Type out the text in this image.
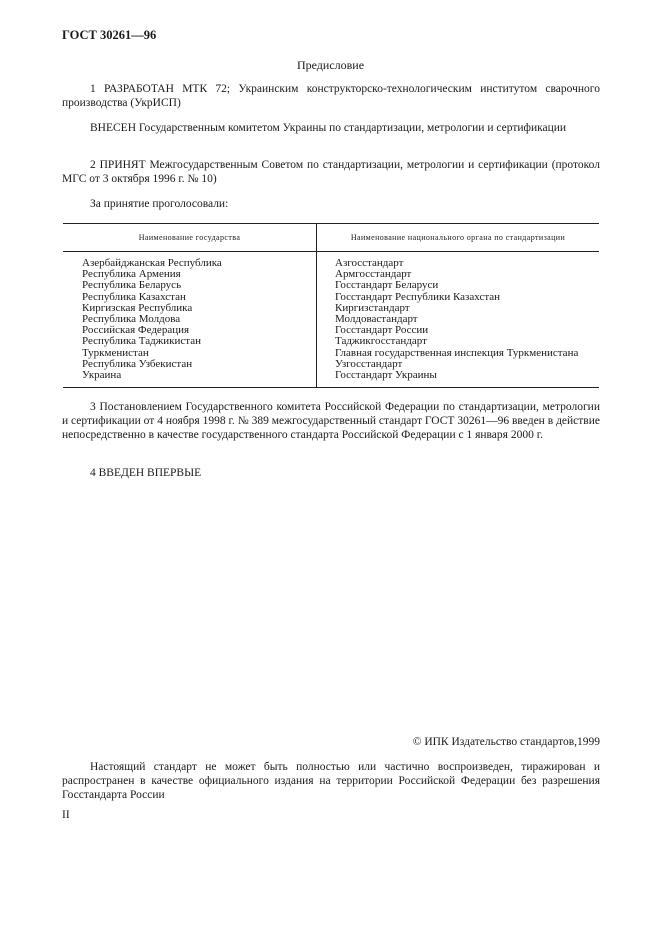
ГОСТ 30261—96
Предисловие
1 РАЗРАБОТАН МТК 72; Украинским конструкторско-технологическим институтом сварочного производства (УкрИСП)
ВНЕСЕН Государственным комитетом Украины по стандартизации, метрологии и сертификации
2 ПРИНЯТ Межгосударственным Советом по стандартизации, метрологии и сертификации (протокол МГС от 3 октября 1996 г. № 10)
За принятие проголосовали:
Наименование государства	Наименование национального органа по стандартизации
Азербайджанская Республика
Республика Армения
Республика Беларусь
Республика Казахстан
Киргизская Республика
Республика Молдова
Российская Федерация
Республика Таджикистан
Туркменистан
Республика Узбекистан
Украина
Азгосстандарт
Армгосстандарт
Госстандарт Беларуси
Госстандарт Республики Казахстан
Киргизстандарт
Молдовастандарт
Госстандарт России
Таджикгосстандарт
Главная государственная инспекция Туркменистана
Узгосстандарт
Госстандарт Украины
3 Постановлением Государственного комитета Российской Федерации по стандартизации, метрологии и сертификации от 4 ноября 1998 г. № 389 межгосударственный стандарт ГОСТ 30261—96 введен в действие непосредственно в качестве государственного стандарта Российской Федерации с 1 января 2000 г.
4 ВВЕДЕН ВПЕРВЫЕ
© ИПК Издательство стандартов,1999
Настоящий стандарт не может быть полностью или частично воспроизведен, тиражирован и распространен в качестве официального издания на территории Российской Федерации без разрешения Госстандарта России
II
